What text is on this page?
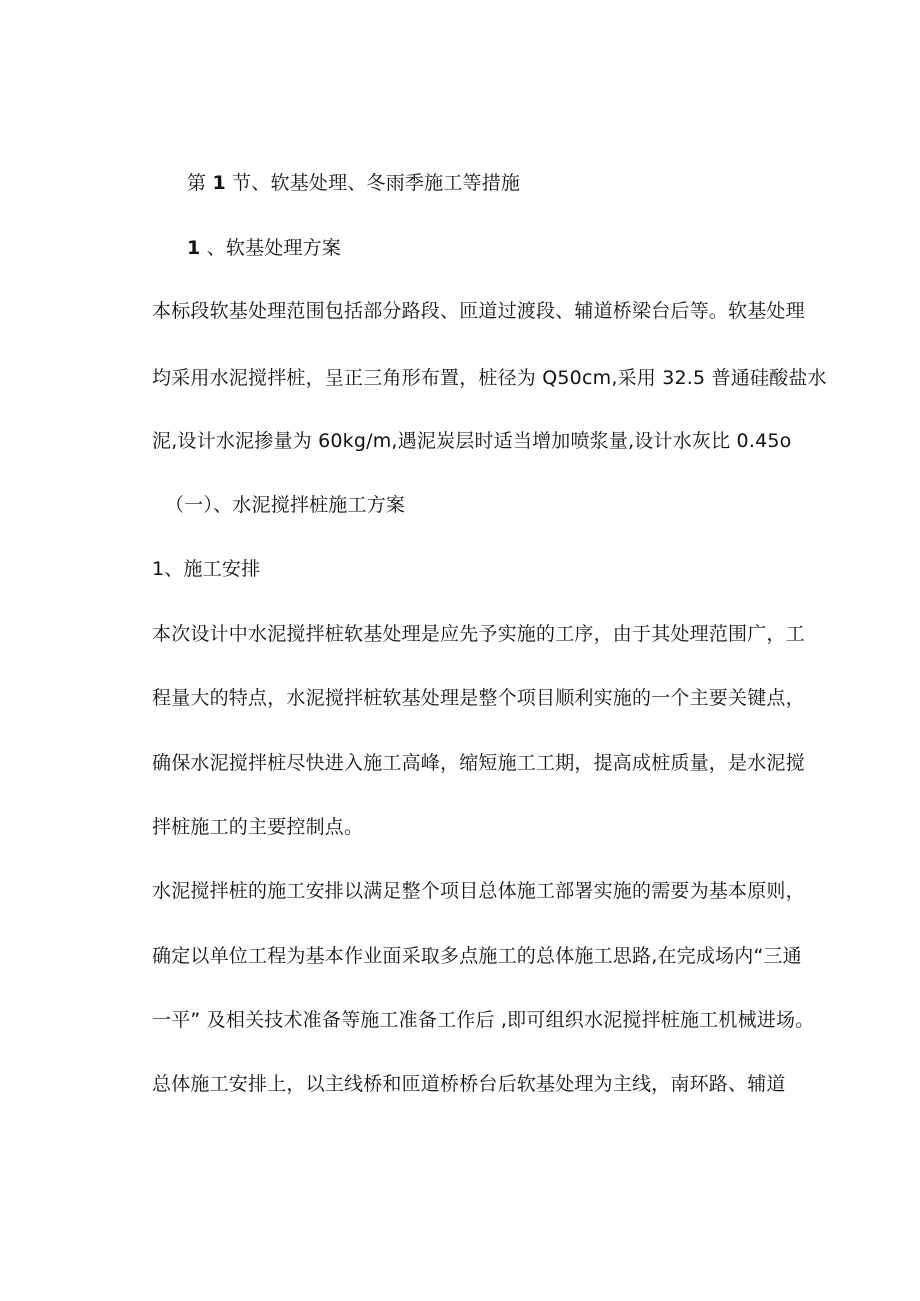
第 1 节、软基处理、冬雨季施工等措施
1 、软基处理方案
本标段软基处理范围包括部分路段、匝道过渡段、辅道桥梁台后等。软基处理
均采用水泥搅拌桩，呈正三角形布置，桩径为 Q50cm,采用 32.5 普通硅酸盐水
泥,设计水泥掺量为 60kg/m,遇泥炭层时适当增加喷浆量,设计水灰比 0.45o
（一）、水泥搅拌桩施工方案
1、施工安排
本次设计中水泥搅拌桩软基处理是应先予实施的工序，由于其处理范围广，工
程量大的特点，水泥搅拌桩软基处理是整个项目顺利实施的一个主要关键点，
确保水泥搅拌桩尽快进入施工高峰，缩短施工工期，提高成桩质量，是水泥搅
拌桩施工的主要控制点。
水泥搅拌桩的施工安排以满足整个项目总体施工部署实施的需要为基本原则，
确定以单位工程为基本作业面采取多点施工的总体施工思路,在完成场内“三通
一平” 及相关技术准备等施工准备工作后 ,即可组织水泥搅拌桩施工机械进场。
总体施工安排上，以主线桥和匝道桥桥台后软基处理为主线，南环路、辅道
